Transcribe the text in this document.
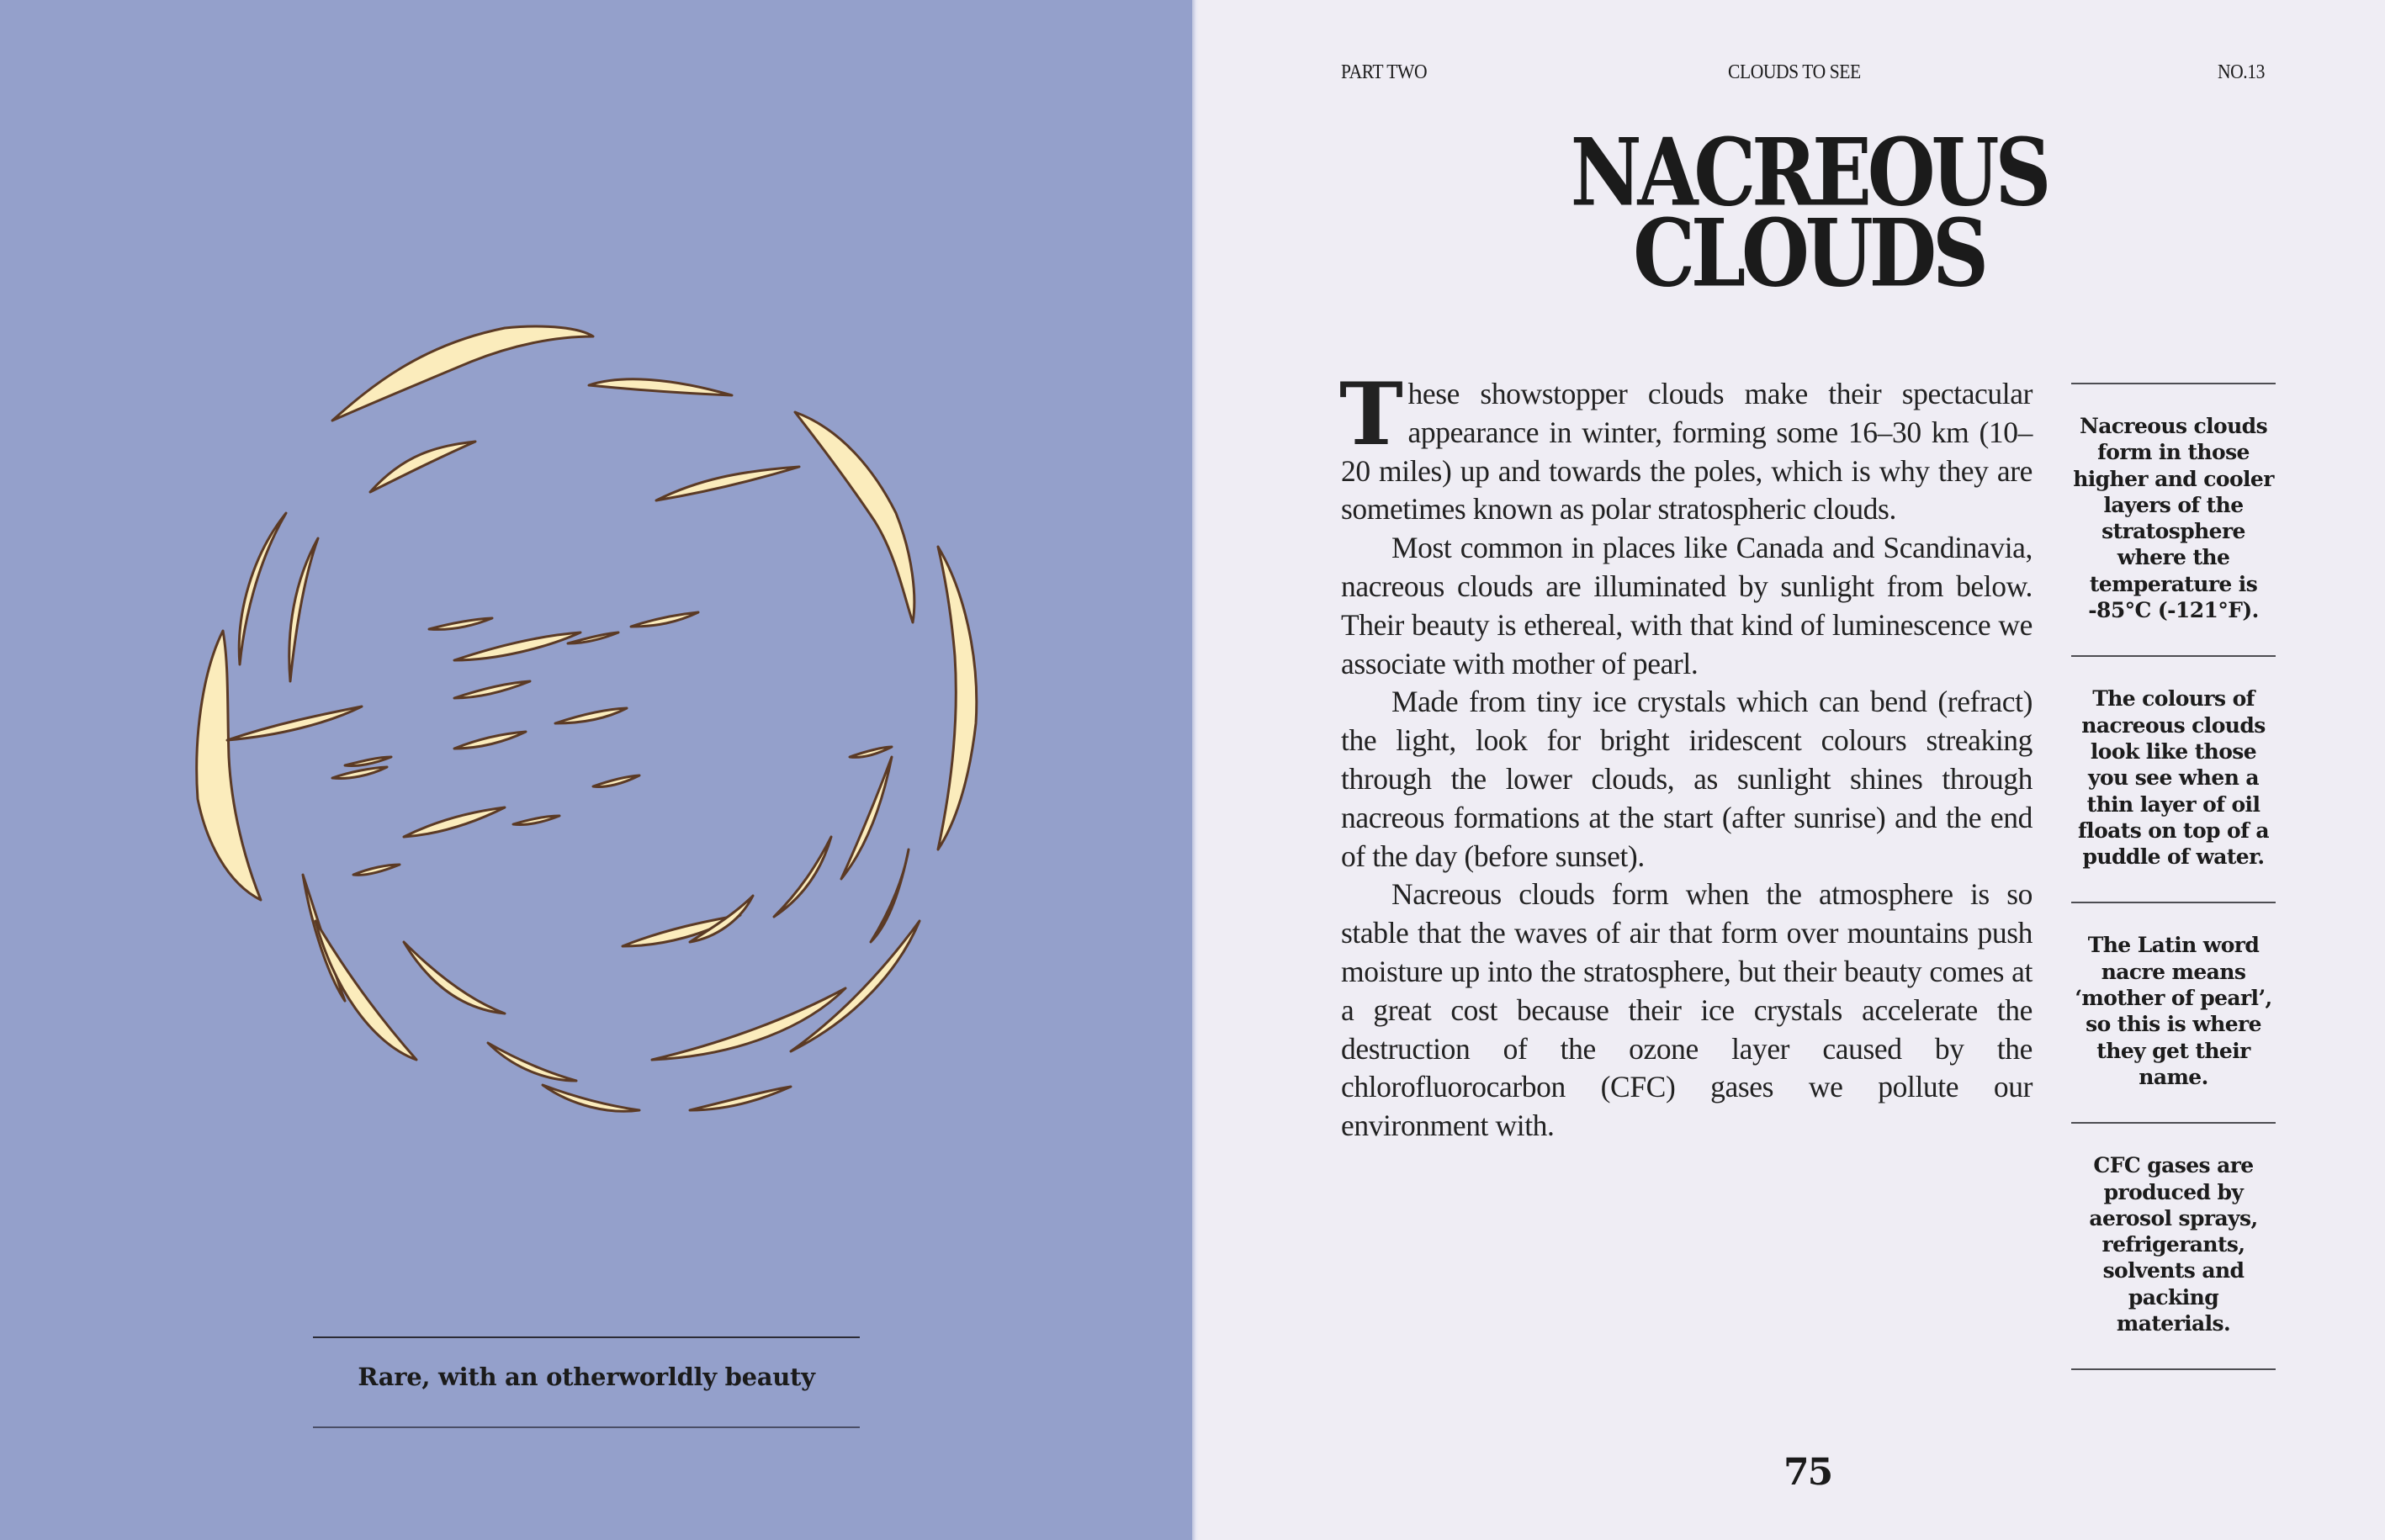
Rare, with an otherworldly beauty
PART TWO	CLOUDS TO SEE	NO.13
NACREOUS
CLOUDS

These showstopper clouds make their spectacular appearance in winter, forming some 16–30 km (10–20 miles) up and towards the poles, which is why they are sometimes known as polar stratospheric clouds.

Most common in places like Canada and Scandinavia, nacreous clouds are illuminated by sunlight from below. Their beauty is ethereal, with that kind of luminescence we associate with mother of pearl.

Made from tiny ice crystals which can bend (refract) the light, look for bright iridescent colours streaking through the lower clouds, as sunlight shines through nacreous formations at the start (after sunrise) and the end of the day (before sunset).

Nacreous clouds form when the atmosphere is so stable that the waves of air that form over mountains push moisture up into the stratosphere, but their beauty comes at a great cost because their ice crystals accelerate the destruction of the ozone layer caused by the chlorofluorocarbon (CFC) gases we pollute our environment with.

Nacreous clouds form in those higher and cooler layers of the stratosphere where the temperature is -85°C (-121°F).
The colours of nacreous clouds look like those you see when a thin layer of oil floats on top of a puddle of water.
The Latin word nacre means ‘mother of pearl’, so this is where they get their name.
CFC gases are produced by aerosol sprays, refrigerants, solvents and packing materials.
75
